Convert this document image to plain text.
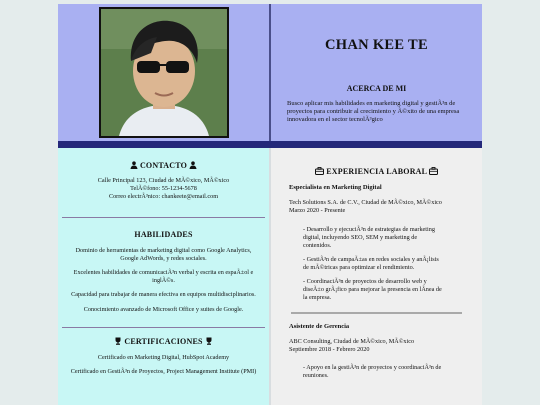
CHAN KEE TE
ACERCA DE MI
Busco aplicar mis habilidades en marketing digital y gestiÃ³n de proyectos para contribuir al crecimiento y Ã©xito de una empresa innovadora en el sector tecnolÃ³gico
CONTACTO
Calle Principal 123, Ciudad de MÃ©xico, MÃ©xico
TelÃ©fono: 55-1234-5678
Correo electrÃ³nico: chankeete@email.com
HABILIDADES
Dominio de herramientas de marketing digital como Google Analytics, Google AdWords, y redes sociales.
Excelentes habilidades de comunicaciÃ³n verbal y escrita en espaÃ±ol e inglÃ©s.
Capacidad para trabajar de manera efectiva en equipos multidisciplinarios.
Conocimiento avanzado de Microsoft Office y suites de Google.
CERTIFICACIONES
Certificado en Marketing Digital, HubSpot Academy
Certificado en GestiÃ³n de Proyectos, Project Management Institute (PMI)
EXPERIENCIA LABORAL
Especialista en Marketing Digital
Tech Solutions S.A. de C.V., Ciudad de MÃ©xico, MÃ©xico
Marzo 2020 - Presente
- Desarrollo y ejecuciÃ³n de estrategias de marketing digital, incluyendo SEO, SEM y marketing de contenidos.
- GestiÃ³n de campaÃ±as en redes sociales y anÃ¡lisis de mÃ©tricas para optimizar el rendimiento.
- CoordinaciÃ³n de proyectos de desarrollo web y diseÃ±o grÃ¡fico para mejorar la presencia en lÃnea de la empresa.
Asistente de Gerencia
ABC Consulting, Ciudad de MÃ©xico, MÃ©xico
Septiembre 2018 - Febrero 2020
- Apoyo en la gestiÃ³n de proyectos y coordinaciÃ³n de reuniones.
